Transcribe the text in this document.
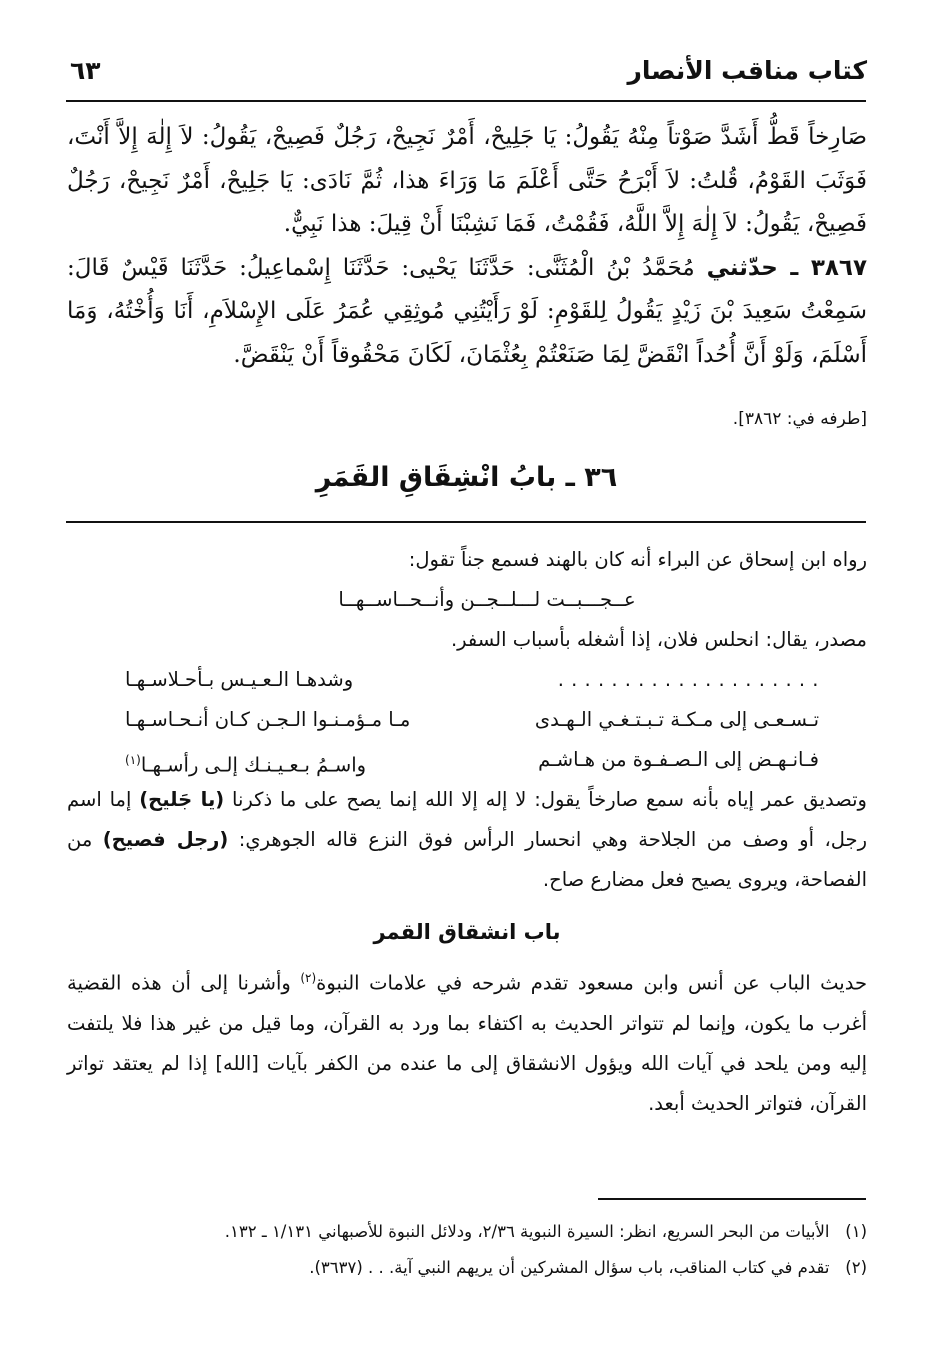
كتاب مناقب الأنصار
٦٣

صَارِخاً قَطُّ أَشَدَّ صَوْتاً مِنْهُ يَقُولُ: يَا جَلِيحْ، أَمْرٌ نَجِيحْ، رَجُلٌ فَصِيحْ، يَقُولُ: لاَ إِلٰهَ إِلاَّ أَنْتَ، فَوَثَبَ القَوْمُ، قُلتُ: لاَ أَبْرَحُ حَتَّى أَعْلَمَ مَا وَرَاءَ هذا، ثُمَّ نَادَى: يَا جَلِيحْ، أَمْرٌ نَجِيحْ، رَجُلٌ فَصِيحْ، يَقُولُ: لاَ إِلٰهَ إِلاَّ اللَّهُ، فَقُمْتُ، فَمَا نَشِبْنَا أَنْ قِيلَ: هذا نَبِيٌّ.

٣٨٦٧ ـ حدّثني مُحَمَّدُ بْنُ الْمُثَنَّى: حَدَّثَنَا يَحْيى: حَدَّثَنَا إِسْماعِيلُ: حَدَّثَنَا قَيْسٌ قَالَ: سَمِعْتُ سَعِيدَ بْنَ زَيْدٍ يَقُولُ لِلقَوْمِ: لَوْ رَأَيْتُنِي مُوثِقِي عُمَرُ عَلَى الإِسْلاَمِ، أَنَا وَأُخْتُهُ، وَمَا أَسْلَمَ، وَلَوْ أَنَّ أُحُداً انْقَضَّ لِمَا صَنَعْتُمْ بِعُثْمَانَ، لَكَانَ مَحْقُوقاً أَنْ يَنْقَضَّ.

[طرفه في: ٣٨٦٢].
٣٦ ـ بابُ انْشِقَاقِ القَمَرِ

رواه ابن إسحاق عن البراء أنه كان بالهند فسمع جناً تقول:

عــجـــبــت لـــلــجــن وأنــحــاســهــا

مصدر، يقال: انحلس فلان، إذا أشغله بأسباب السفر.

. . . . . . . . . . . . . . . . . . . .
وشدهـا الـعـيـس بـأحـلاسـهـا
تـسـعـى إلى مـكـة تـبـتـغـي الـهـدى
مـا مـؤمـنـوا الـجـن كـان أنـحـاسـهـا
فـانـهـض إلى الـصـفـوة من هـاشـم
واسـمُ بـعـيـنـك إلـى رأسـهـا$^{(١)}$

وتصديق عمر إياه بأنه سمع صارخاً يقول: لا إله إلا الله إنما يصح على ما ذكرنا (يا جَليح) إما اسم رجل، أو وصف من الجلاحة وهي انحسار الرأس فوق النزع قاله الجوهري: (رجل فصيح) من الفصاحة، ويروى يصيح فعل مضارع صاح.

باب انشقاق القمر

حديث الباب عن أنس وابن مسعود تقدم شرحه في علامات النبوة$^{(٢)}$ وأشرنا إلى أن هذه القضية أغرب ما يكون، وإنما لم تتواتر الحديث به اكتفاء بما ورد به القرآن، وما قيل من غير هذا فلا يلتفت إليه ومن يلحد في آيات الله ويؤول الانشقاق إلى ما عنده من الكفر بآيات [الله] إذا لم يعتقد تواتر القرآن، فتواتر الحديث أبعد.

(١)   الأبيات من البحر السريع، انظر: السيرة النبوية ٢/٣٦، ودلائل النبوة للأصبهاني ١/١٣١ ـ ١٣٢.

(٢)   تقدم في كتاب المناقب، باب سؤال المشركين أن يريهم النبي آية. . . (٣٦٣٧).
